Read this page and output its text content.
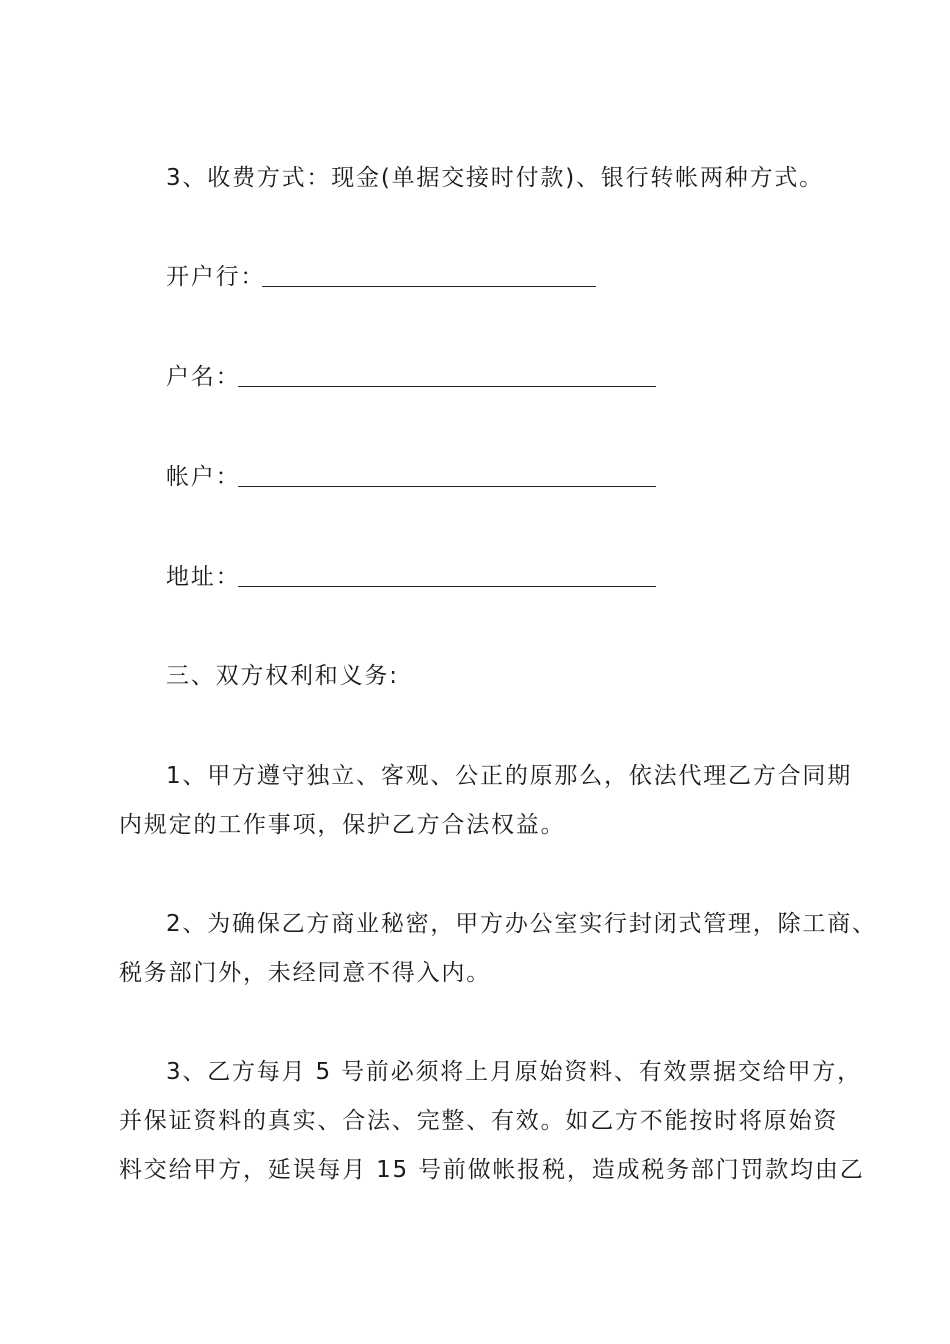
3、收费方式：现金(单据交接时付款)、银行转帐两种方式。
开户行：
户名：
帐户：
地址：
三、双方权利和义务:
1、甲方遵守独立、客观、公正的原那么，依法代理乙方合同期
内规定的工作事项，保护乙方合法权益。
2、为确保乙方商业秘密，甲方办公室实行封闭式管理，除工商、
税务部门外，未经同意不得入内。
3、乙方每月 5 号前必须将上月原始资料、有效票据交给甲方，
并保证资料的真实、合法、完整、有效。如乙方不能按时将原始资
料交给甲方，延误每月 15 号前做帐报税，造成税务部门罚款均由乙
